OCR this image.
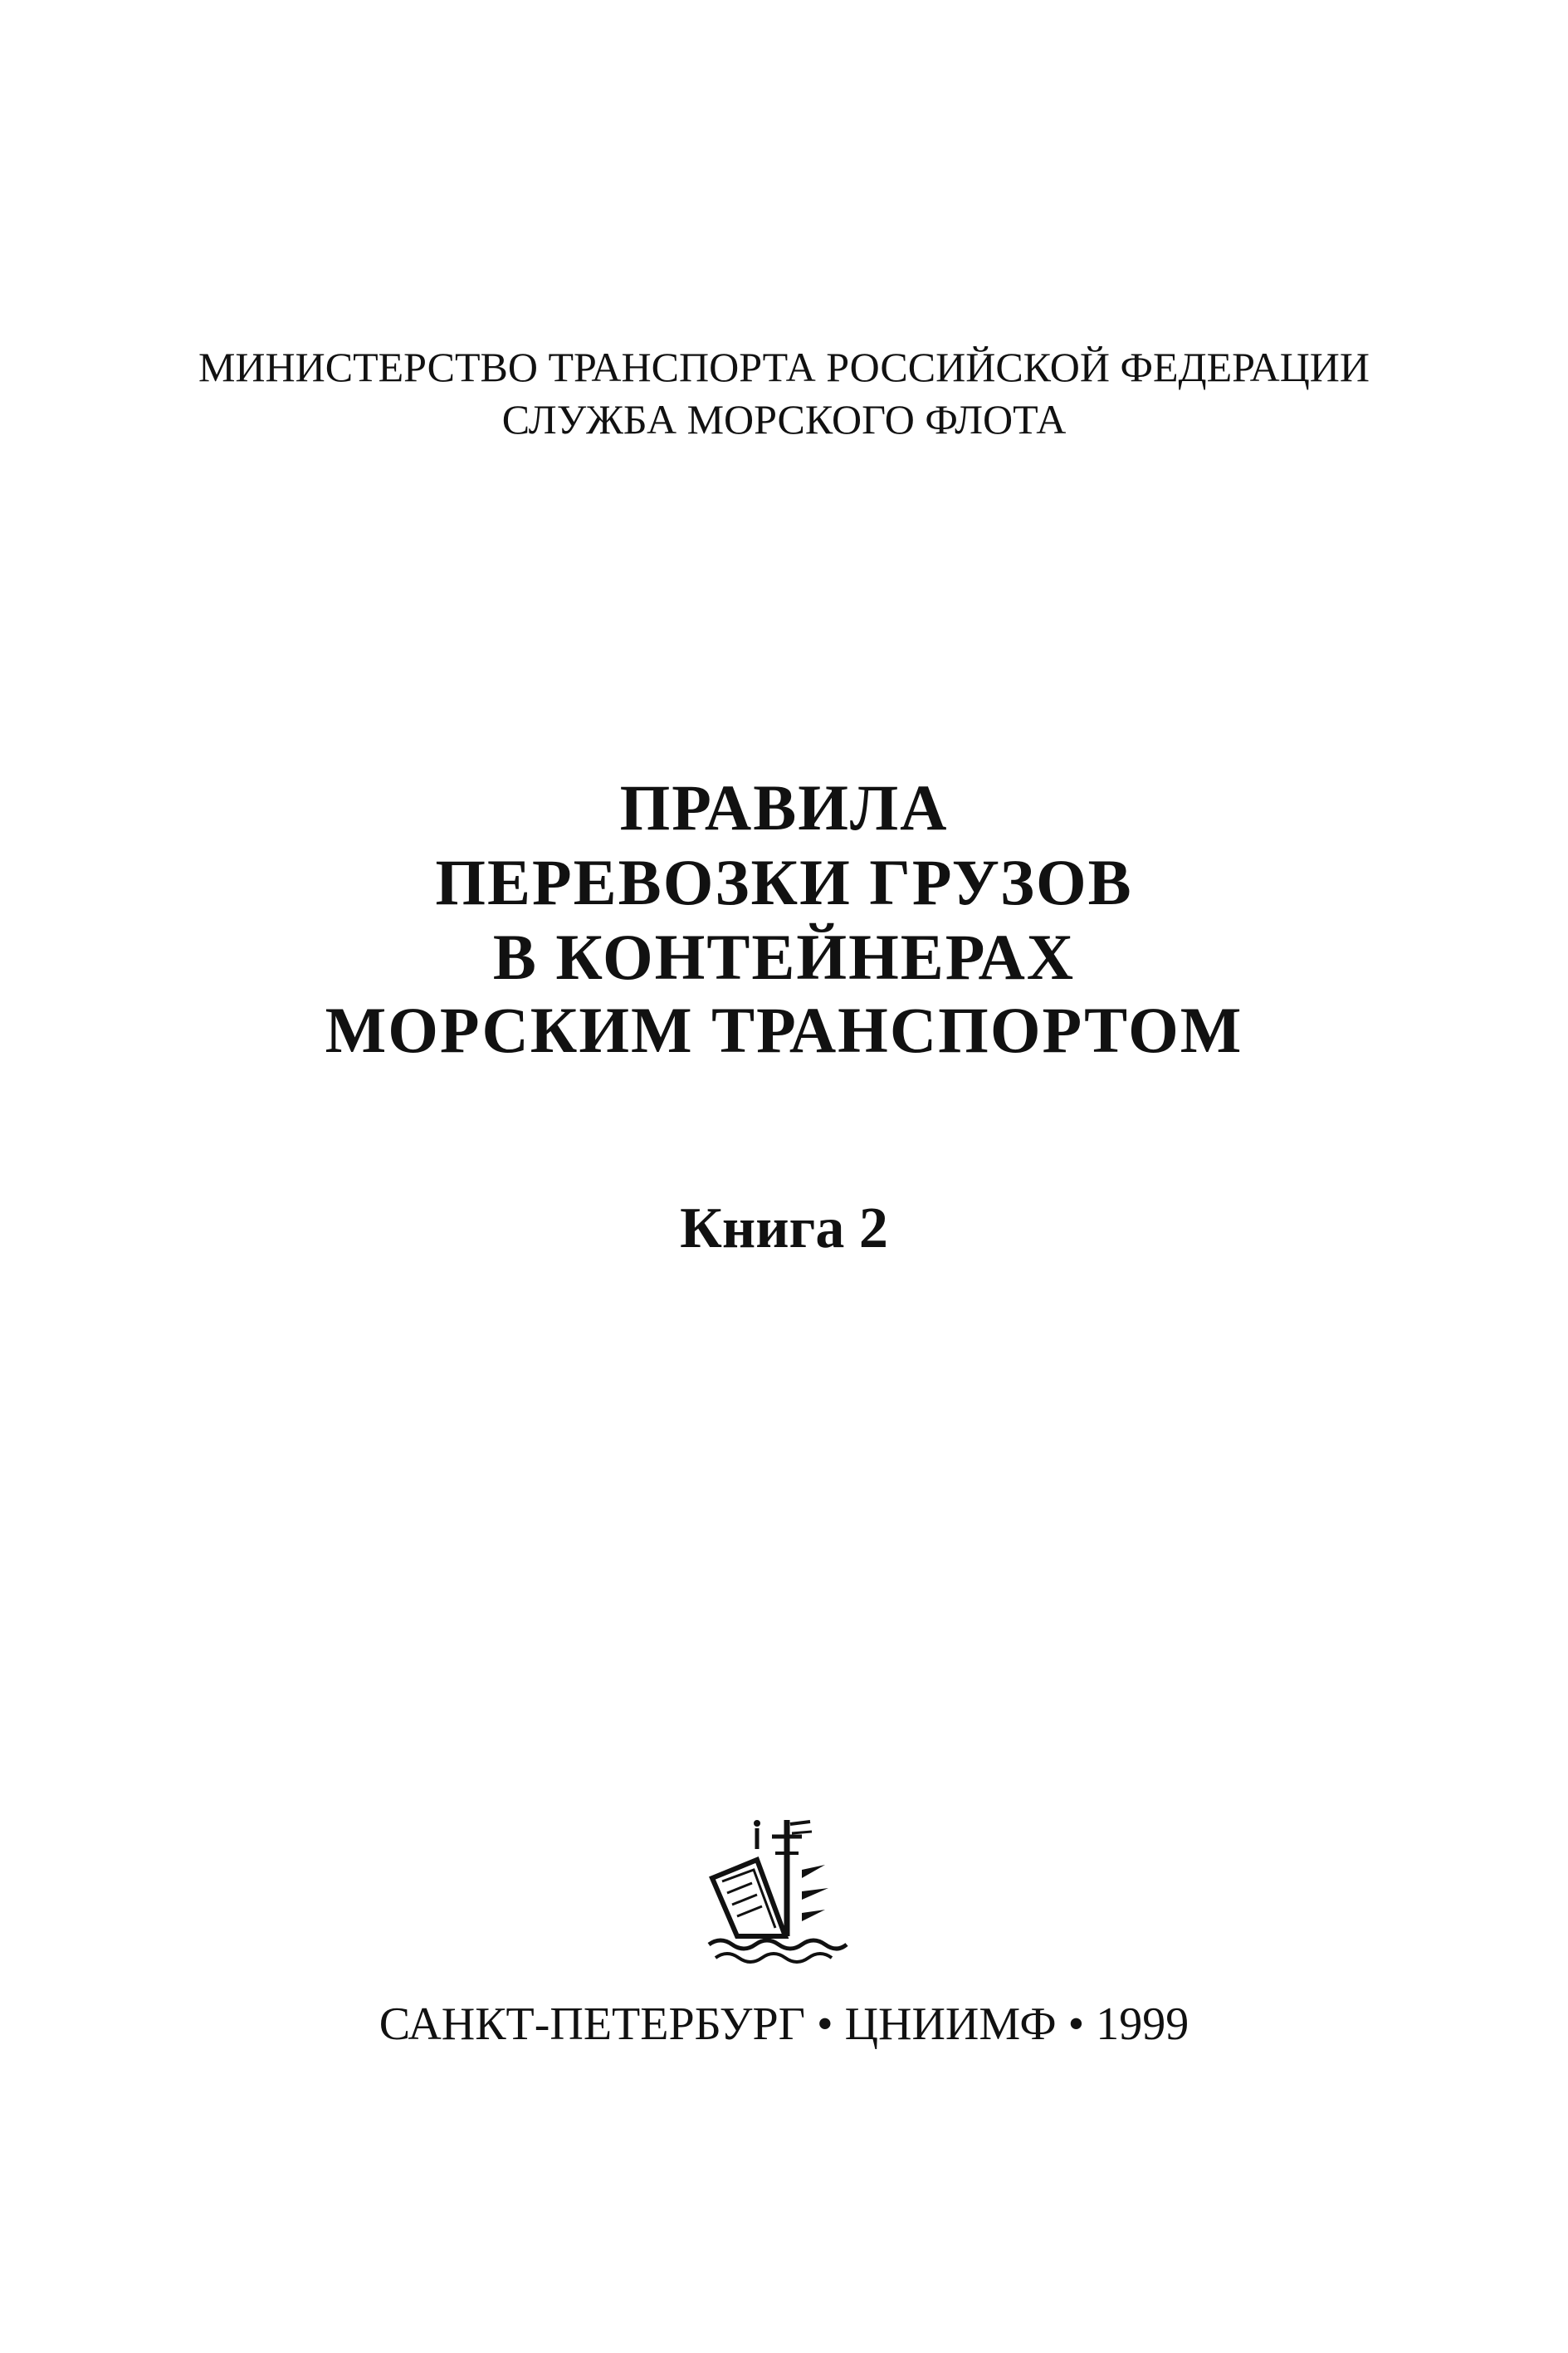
МИНИСТЕРСТВО ТРАНСПОРТА РОССИЙСКОЙ ФЕДЕРАЦИИ
СЛУЖБА МОРСКОГО ФЛОТА
ПРАВИЛА
ПЕРЕВОЗКИ ГРУЗОВ
В КОНТЕЙНЕРАХ
МОРСКИМ ТРАНСПОРТОМ
Книга 2
САНКТ-ПЕТЕРБУРГ • ЦНИИМФ • 1999
